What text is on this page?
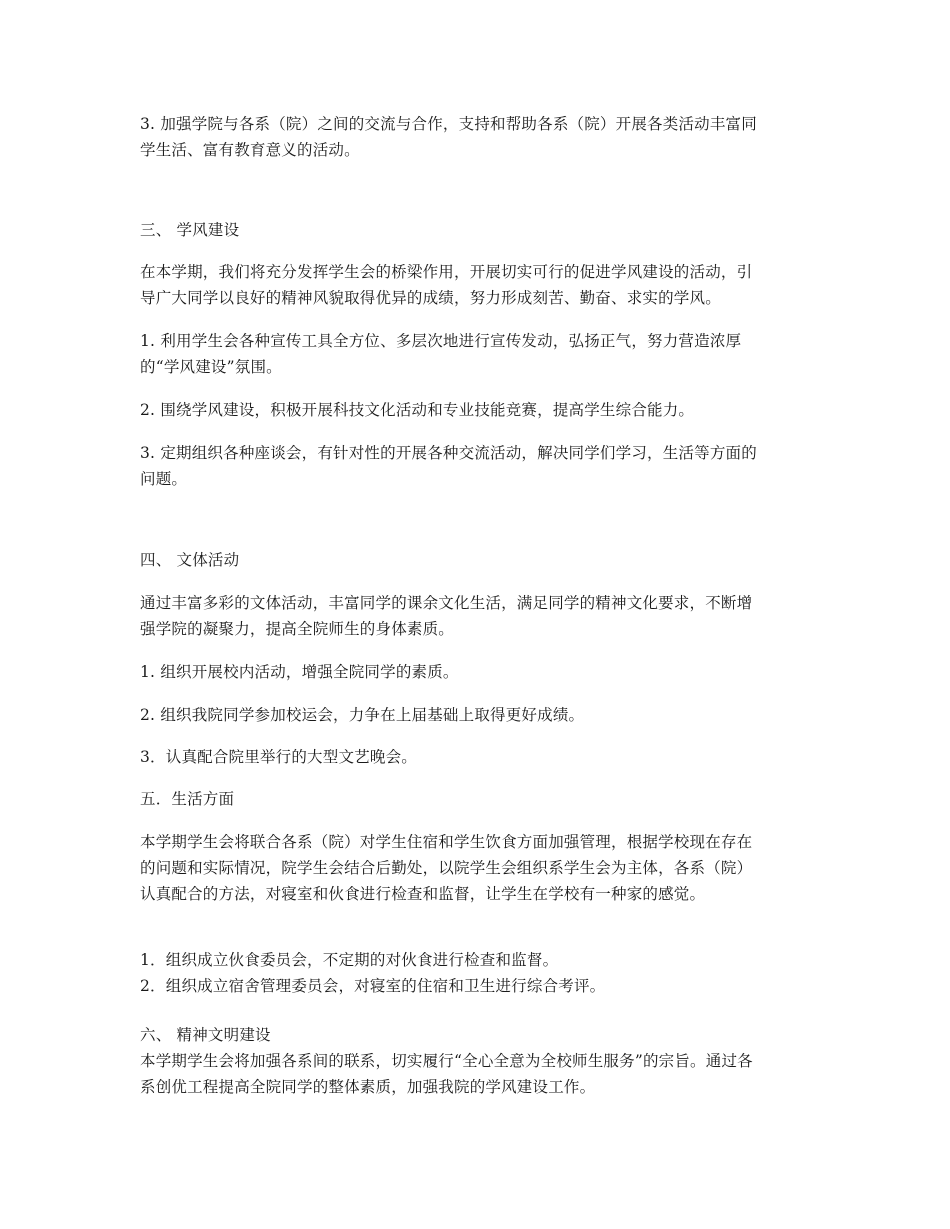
3. 加强学院与各系（院）之间的交流与合作，支持和帮助各系（院）开展各类活动丰富同
学生活、富有教育意义的活动。
三、 学风建设
在本学期，我们将充分发挥学生会的桥梁作用，开展切实可行的促进学风建设的活动，引
导广大同学以良好的精神风貌取得优异的成绩，努力形成刻苦、勤奋、求实的学风。
1. 利用学生会各种宣传工具全方位、多层次地进行宣传发动，弘扬正气，努力营造浓厚
的“学风建设”氛围。
2. 围绕学风建设，积极开展科技文化活动和专业技能竞赛，提高学生综合能力。
3. 定期组织各种座谈会，有针对性的开展各种交流活动，解决同学们学习，生活等方面的
问题。
四、 文体活动
通过丰富多彩的文体活动，丰富同学的课余文化生活，满足同学的精神文化要求，不断增
强学院的凝聚力，提高全院师生的身体素质。
1. 组织开展校内活动，增强全院同学的素质。
2. 组织我院同学参加校运会，力争在上届基础上取得更好成绩。
3．认真配合院里举行的大型文艺晚会。
五．生活方面
本学期学生会将联合各系（院）对学生住宿和学生饮食方面加强管理，根据学校现在存在
的问题和实际情况，院学生会结合后勤处，以院学生会组织系学生会为主体，各系（院）
认真配合的方法，对寝室和伙食进行检查和监督，让学生在学校有一种家的感觉。
1．组织成立伙食委员会，不定期的对伙食进行检查和监督。
2．组织成立宿舍管理委员会，对寝室的住宿和卫生进行综合考评。
六、 精神文明建设
本学期学生会将加强各系间的联系，切实履行“全心全意为全校师生服务”的宗旨。通过各
系创优工程提高全院同学的整体素质，加强我院的学风建设工作。
